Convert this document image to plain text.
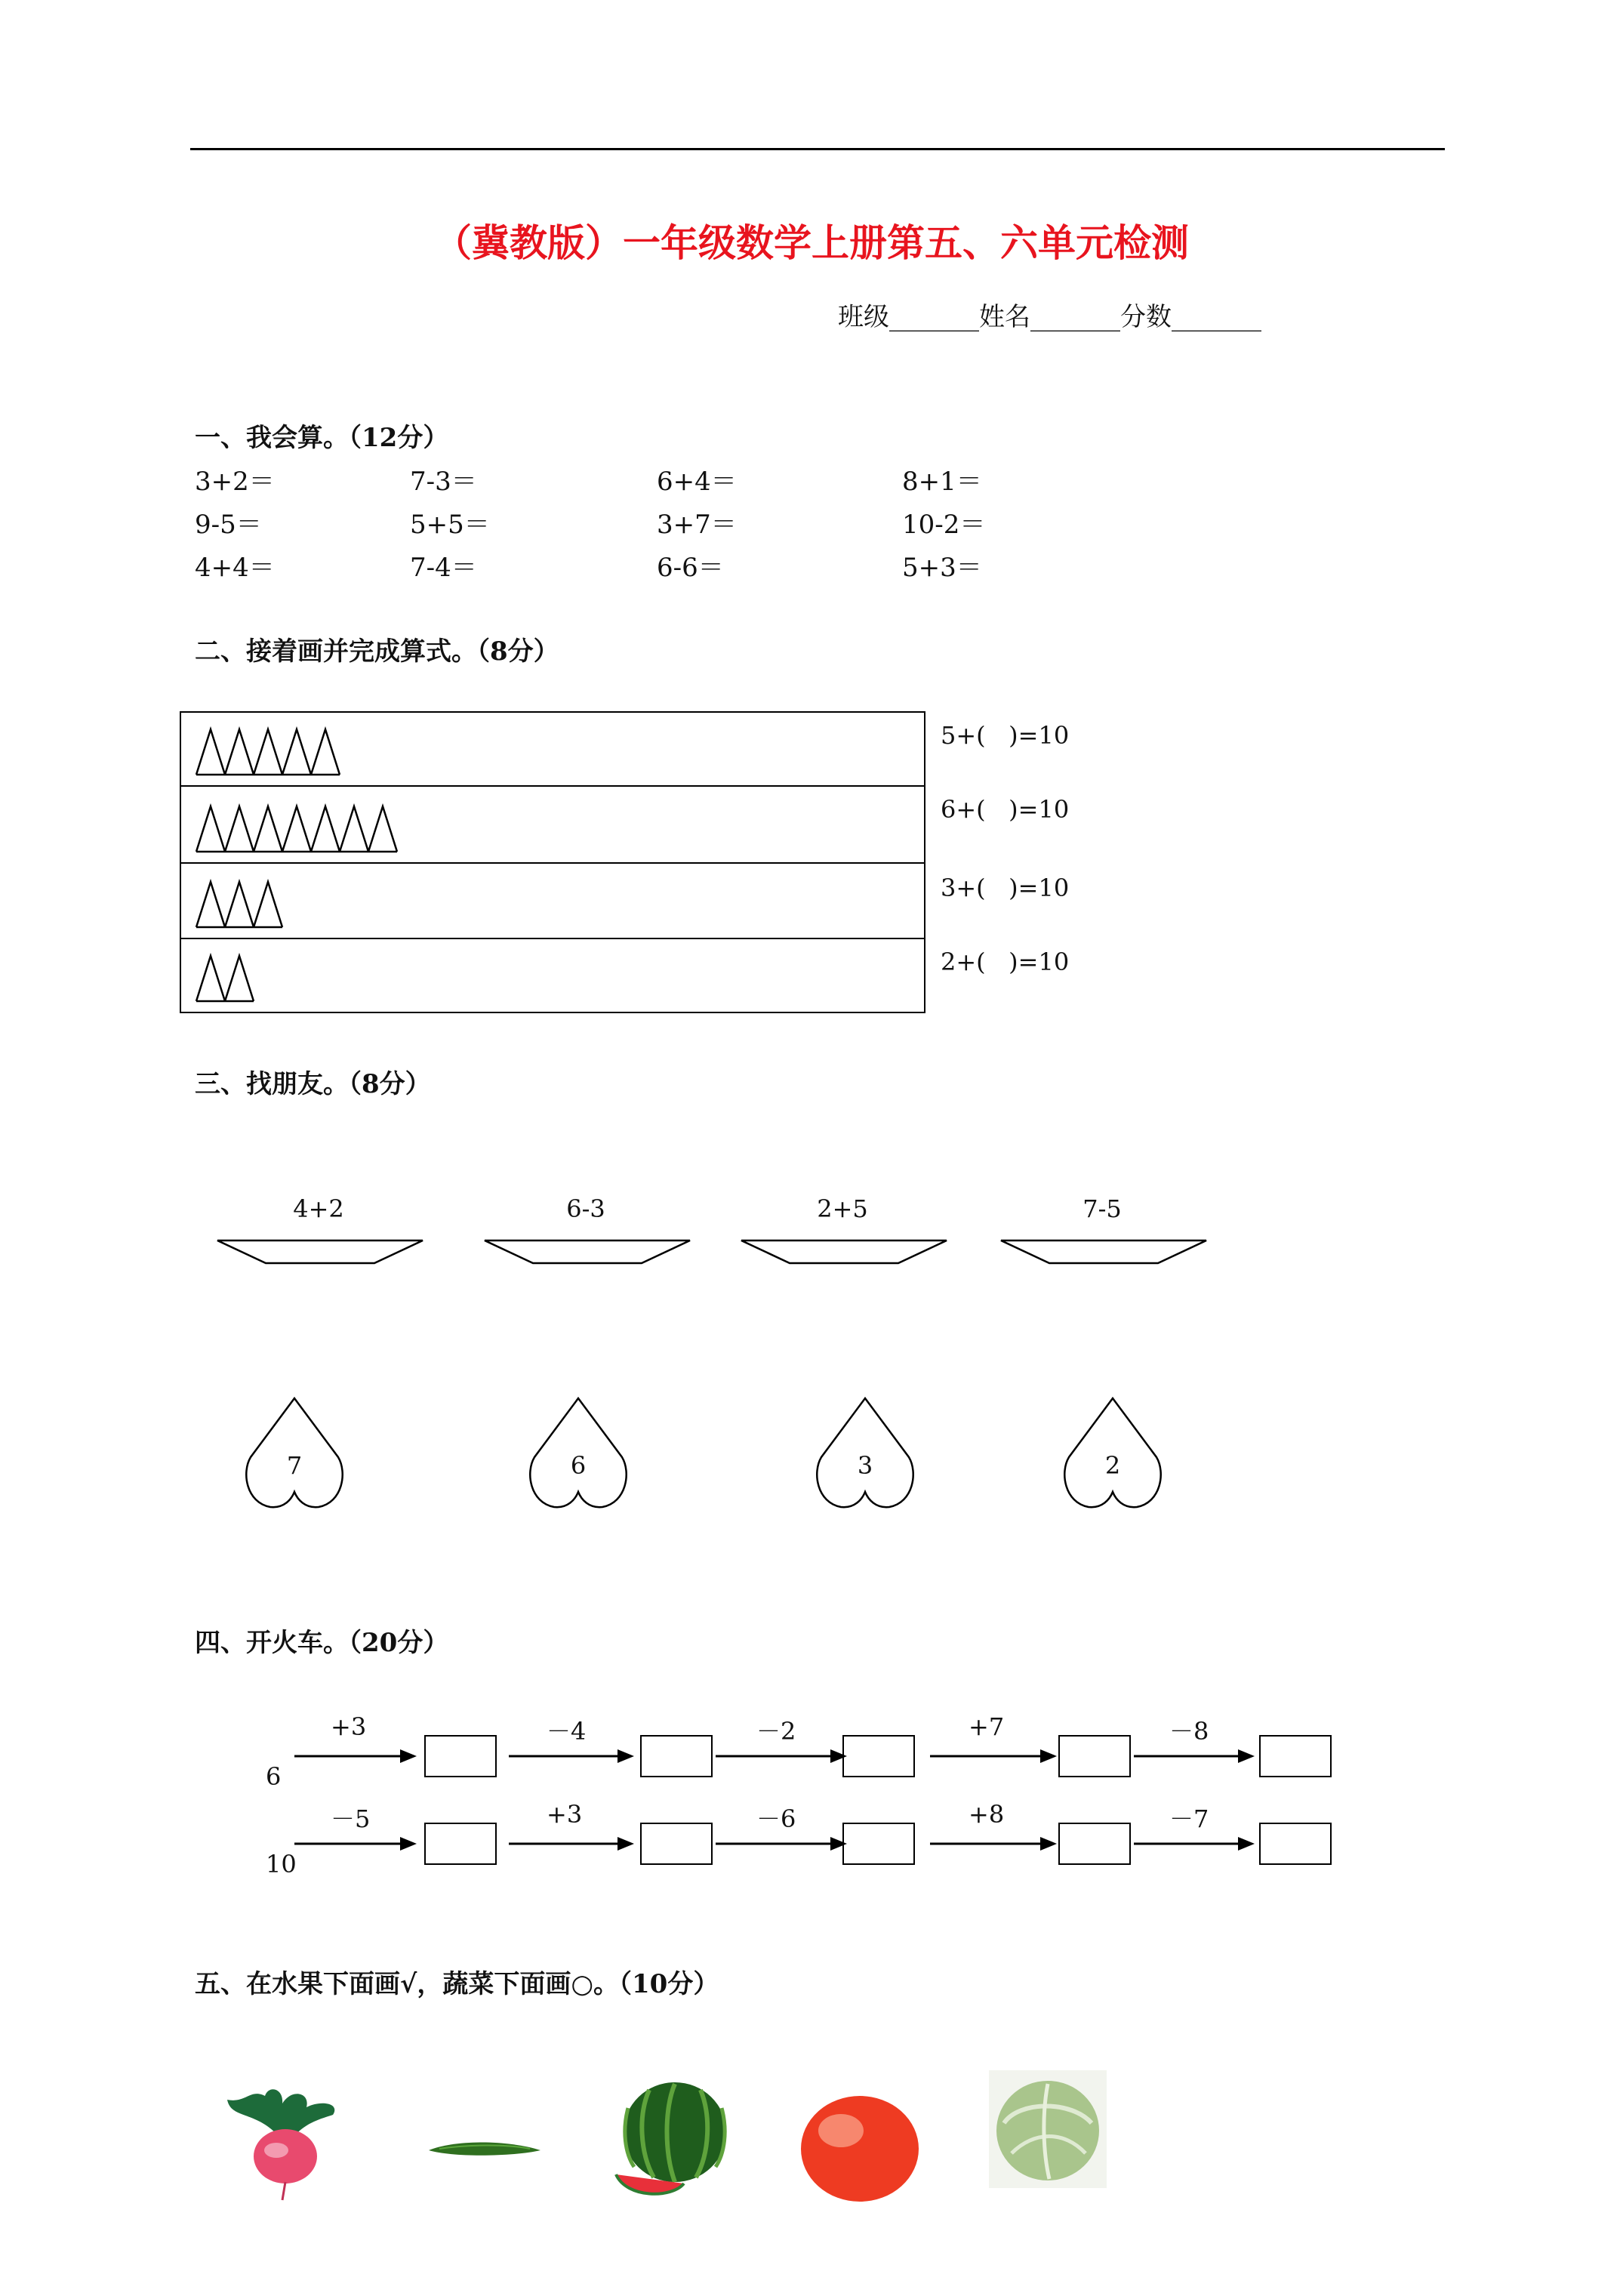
（冀教版）一年级数学上册第五、六单元检测
班级_______姓名_______分数_______
一、我会算。（12分）
3+2＝	7-3＝	6+4＝	8+1＝
9-5＝	5+5＝	3+7＝	10-2＝
4+4＝	7-4＝	6-6＝	5+3＝
二、接着画并完成算式。（8分）
5+(   )=10
6+(   )=10
3+(   )=10
2+(   )=10
三、找朋友。（8分）
4+2	6-3	2+5	7-5
7	6	3	2
四、开火车。（20分）
6
+3	－4	－2	+7	－8
10
－5	+3	－6	+8	－7
五、在水果下面画√，蔬菜下面画○。（10分）
